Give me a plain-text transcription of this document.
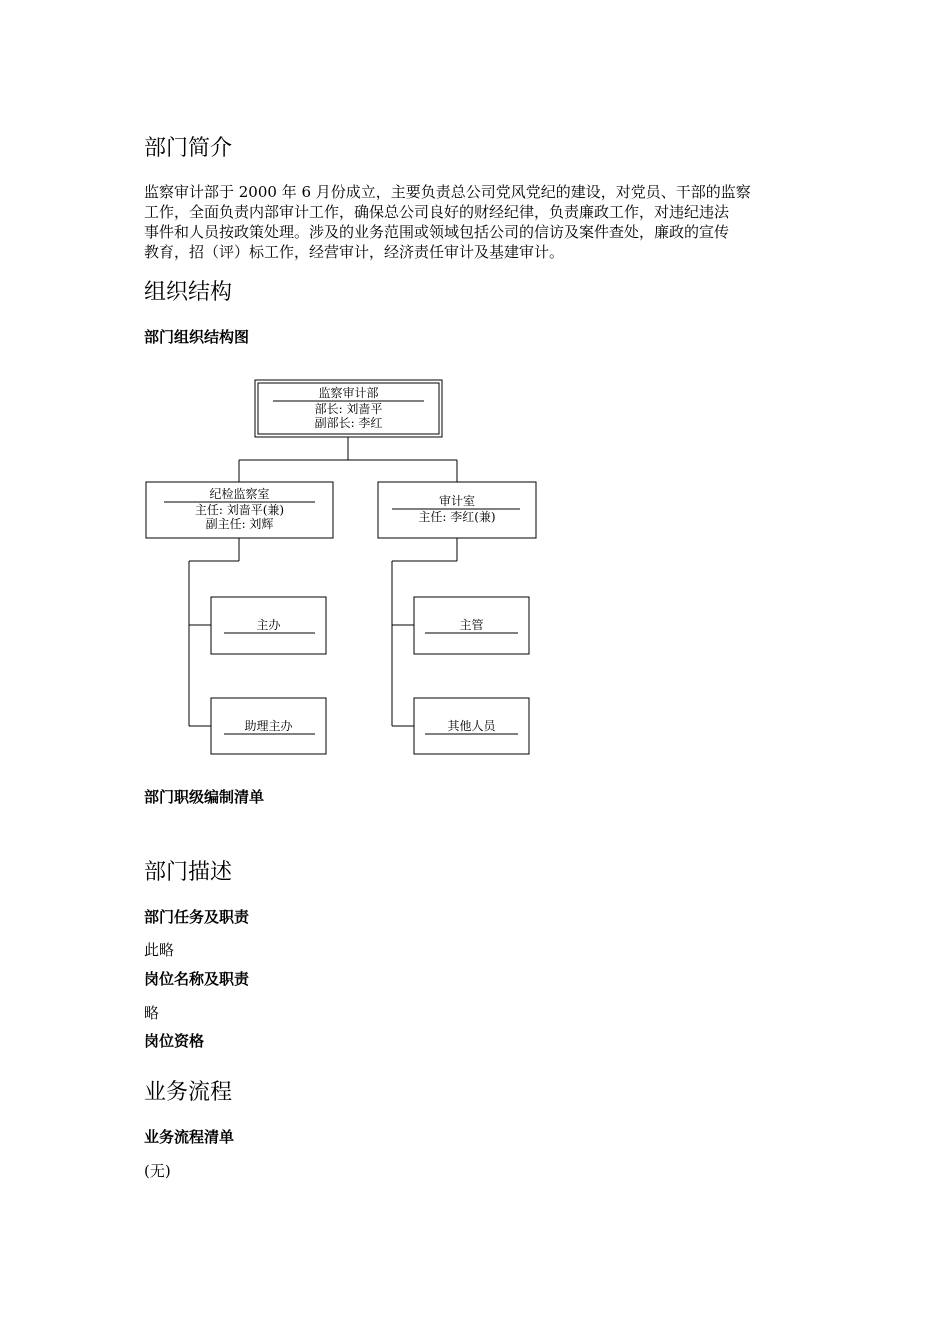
部门简介

监察审计部于 2000 年 6 月份成立，主要负责总公司党风党纪的建设，对党员、干部的监察

工作，全面负责内部审计工作，确保总公司良好的财经纪律，负责廉政工作，对违纪违法

事件和人员按政策处理。涉及的业务范围或领域包括公司的信访及案件查处，廉政的宣传

教育，招（评）标工作，经营审计，经济责任审计及基建审计。

组织结构
部门组织结构图
监察审计部
部长: 刘啬平
副部长: 李红
纪检监察室
主任: 刘啬平(兼)
副主任: 刘辉
审计室
主任: 李红(兼)
主办
助理主办
主管
其他人员
部门职级编制清单
部门描述
部门任务及职责
此略
岗位名称及职责
略
岗位资格
业务流程
业务流程清单
(无)
